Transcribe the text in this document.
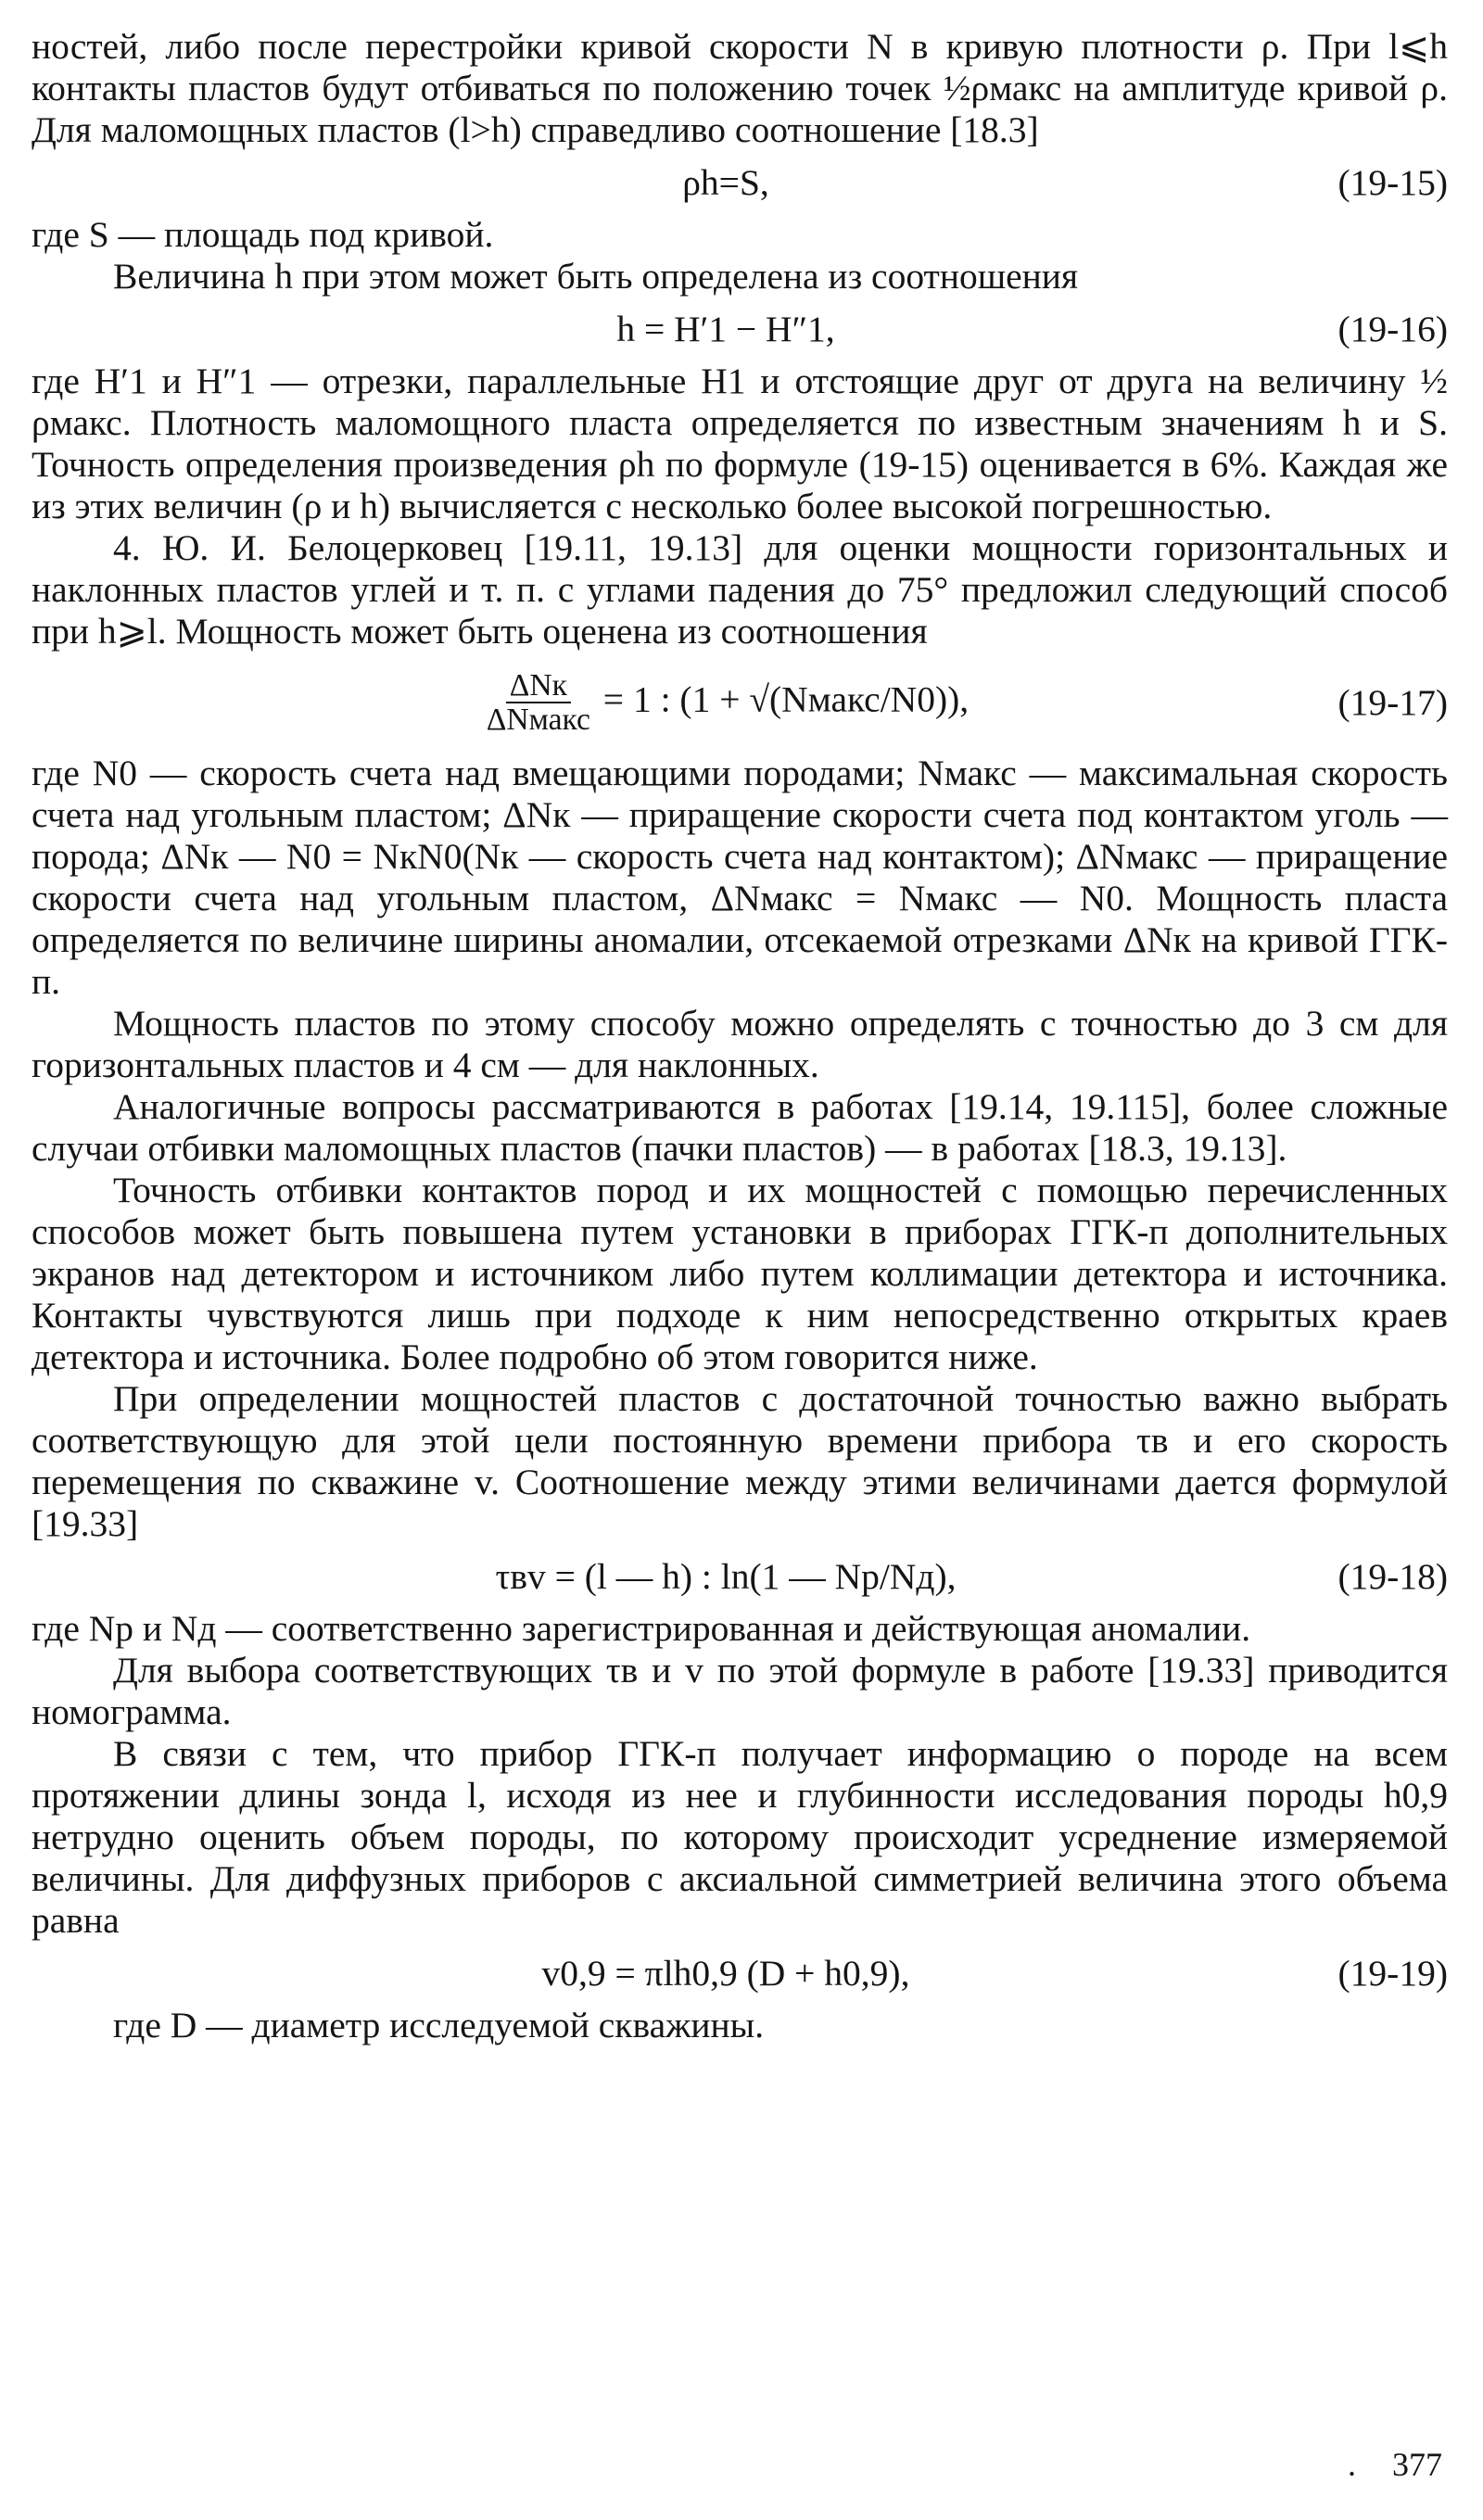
ностей, либо после перестройки кривой скорости N в кривую плотности ρ. При l⩽h контакты пластов будут отбиваться по положению точек ½ρмакс на амплитуде кривой ρ. Для маломощных пластов (l>h) справедливо соотношение [18.3]

ρh=S,	(19-15)

где S — площадь под кривой.

Величина h при этом может быть определена из соотношения

h = H′1 − H″1,	(19-16)

где H′1 и H″1 — отрезки, параллельные H1 и отстоящие друг от друга на величину ½ ρмакс. Плотность маломощного пласта определяется по известным значениям h и S. Точность определения произведения ρh по формуле (19-15) оценивается в 6%. Каждая же из этих величин (ρ и h) вычисляется с несколько более высокой погрешностью.

4. Ю. И. Белоцерковец [19.11, 19.13] для оценки мощности горизонтальных и наклонных пластов углей и т. п. с углами падения до 75° предложил следующий способ при h⩾l. Мощность может быть оценена из соотношения

$\frac{\text{ΔNк}}{\text{ΔNмакс}} = 1$ : (1 + √(Nмакс/N0)),	(19-17)

где N0 — скорость счета над вмещающими породами; Nмакс — максимальная скорость счета над угольным пластом; ΔNк — приращение скорости счета под контактом уголь — порода; ΔNк — N0 = NкN0(Nк — скорость счета над контактом); ΔNмакс — приращение скорости счета над угольным пластом, ΔNмакс = Nмакс — N0. Мощность пласта определяется по величине ширины аномалии, отсекаемой отрезками ΔNк на кривой ГГК-п.

Мощность пластов по этому способу можно определять с точностью до 3 см для горизонтальных пластов и 4 см — для наклонных.

Аналогичные вопросы рассматриваются в работах [19.14, 19.115], более сложные случаи отбивки маломощных пластов (пачки пластов) — в работах [18.3, 19.13].

Точность отбивки контактов пород и их мощностей с помощью перечисленных способов может быть повышена путем установки в приборах ГГК-п дополнительных экранов над детектором и источником либо путем коллимации детектора и источника. Контакты чувствуются лишь при подходе к ним непосредственно открытых краев детектора и источника. Более подробно об этом говорится ниже.

При определении мощностей пластов с достаточной точностью важно выбрать соответствующую для этой цели постоянную времени прибора τв и его скорость перемещения по скважине v. Соотношение между этими величинами дается формулой [19.33]

τвv = (l — h) : ln(1 — Nр/Nд),	(19-18)

где Nр и Nд — соответственно зарегистрированная и действующая аномалии.

Для выбора соответствующих τв и v по этой формуле в работе [19.33] приводится номограмма.

В связи с тем, что прибор ГГК-п получает информацию о породе на всем протяжении длины зонда l, исходя из нее и глубинности исследования породы h0,9 нетрудно оценить объем породы, по которому происходит усреднение измеряемой величины. Для диффузных приборов с аксиальной симметрией величина этого объема равна

v0,9 = πlh0,9 (D + h0,9),	(19-19)

где D — диаметр исследуемой скважины.

. 377
